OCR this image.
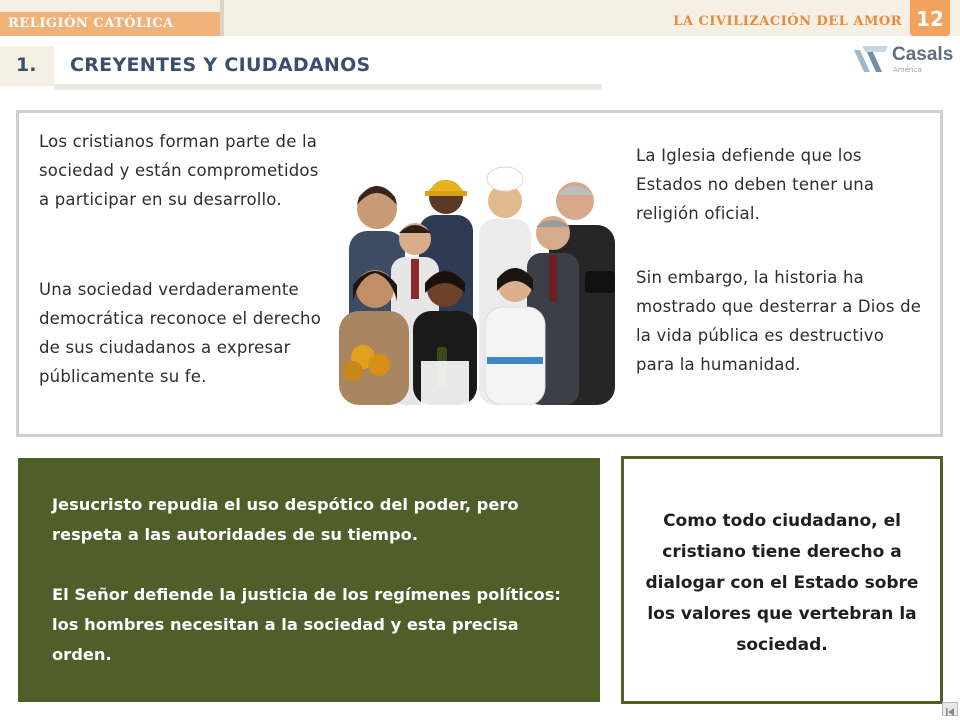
RELIGIÓN CATÓLICA	LA CIVILIZACIÓN DEL AMOR 12
1. CREYENTES Y CIUDADANOS	Casals
América
Los cristianos forman parte de la sociedad y están comprometidos a participar en su desarrollo.
Una sociedad verdaderamente democrática reconoce el derecho de sus ciudadanos a expresar públicamente su fe.
La Iglesia defiende que los Estados no deben tener una religión oficial.
Sin embargo, la historia ha mostrado que desterrar a Dios de la vida pública es destructivo para la humanidad.
Jesucristo repudia el uso despótico del poder, pero respeta a las autoridades de su tiempo.
El Señor defiende la justicia de los regímenes políticos: los hombres necesitan a la sociedad y esta precisa orden.
Como todo ciudadano, el cristiano tiene derecho a dialogar con el Estado sobre los valores que vertebran la sociedad.
